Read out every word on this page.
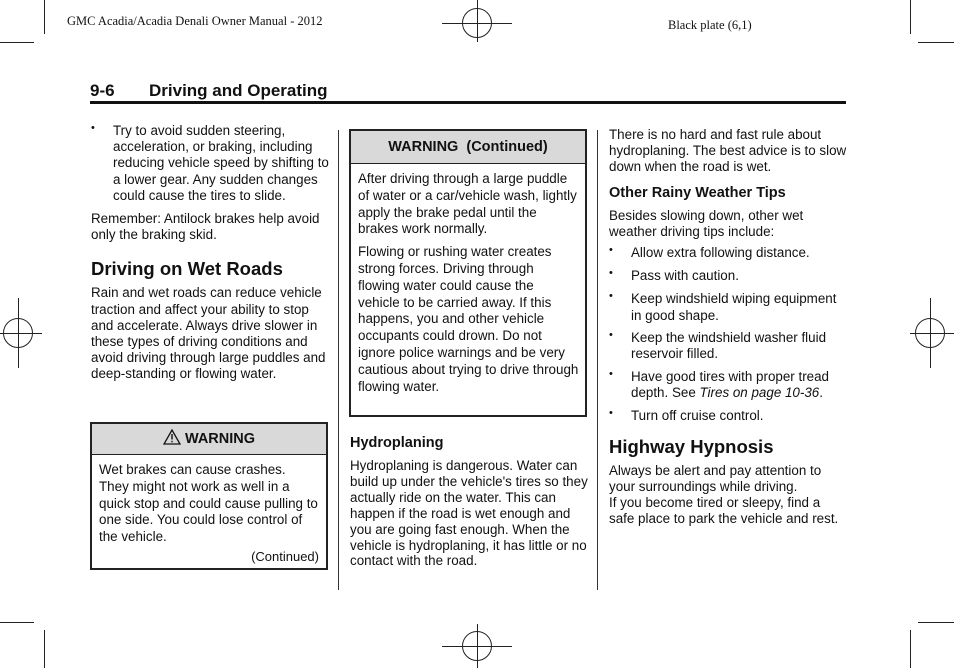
GMC Acadia/Acadia Denali Owner Manual - 2012	Black plate (6,1)
9-6 Driving and Operating
• Try to avoid sudden steering, acceleration, or braking, including reducing vehicle speed by shifting to a lower gear. Any sudden changes could cause the tires to slide.

Remember: Antilock brakes help avoid only the braking skid.

Driving on Wet Roads

Rain and wet roads can reduce vehicle traction and affect your ability to stop and accelerate. Always drive slower in these types of driving conditions and avoid driving through large puddles and deep-standing or flowing water.

WARNING

Wet brakes can cause crashes. They might not work as well in a quick stop and could cause pulling to one side. You could lose control of the vehicle.

(Continued)
WARNING  (Continued)

After driving through a large puddle of water or a car/vehicle wash, lightly apply the brake pedal until the brakes work normally.

Flowing or rushing water creates strong forces. Driving through flowing water could cause the vehicle to be carried away. If this happens, you and other vehicle occupants could drown. Do not ignore police warnings and be very cautious about trying to drive through flowing water.

Hydroplaning

Hydroplaning is dangerous. Water can build up under the vehicle's tires so they actually ride on the water. This can happen if the road is wet enough and you are going fast enough. When the vehicle is hydroplaning, it has little or no contact with the road.

There is no hard and fast rule about hydroplaning. The best advice is to slow down when the road is wet.

Other Rainy Weather Tips

Besides slowing down, other wet weather driving tips include:

• Allow extra following distance.
• Pass with caution.
• Keep windshield wiping equipment in good shape.
• Keep the windshield washer fluid reservoir filled.
• Have good tires with proper tread depth. See Tires on page 10-36.
• Turn off cruise control.
Highway Hypnosis

Always be alert and pay attention to your surroundings while driving.

If you become tired or sleepy, find a safe place to park the vehicle and rest.
